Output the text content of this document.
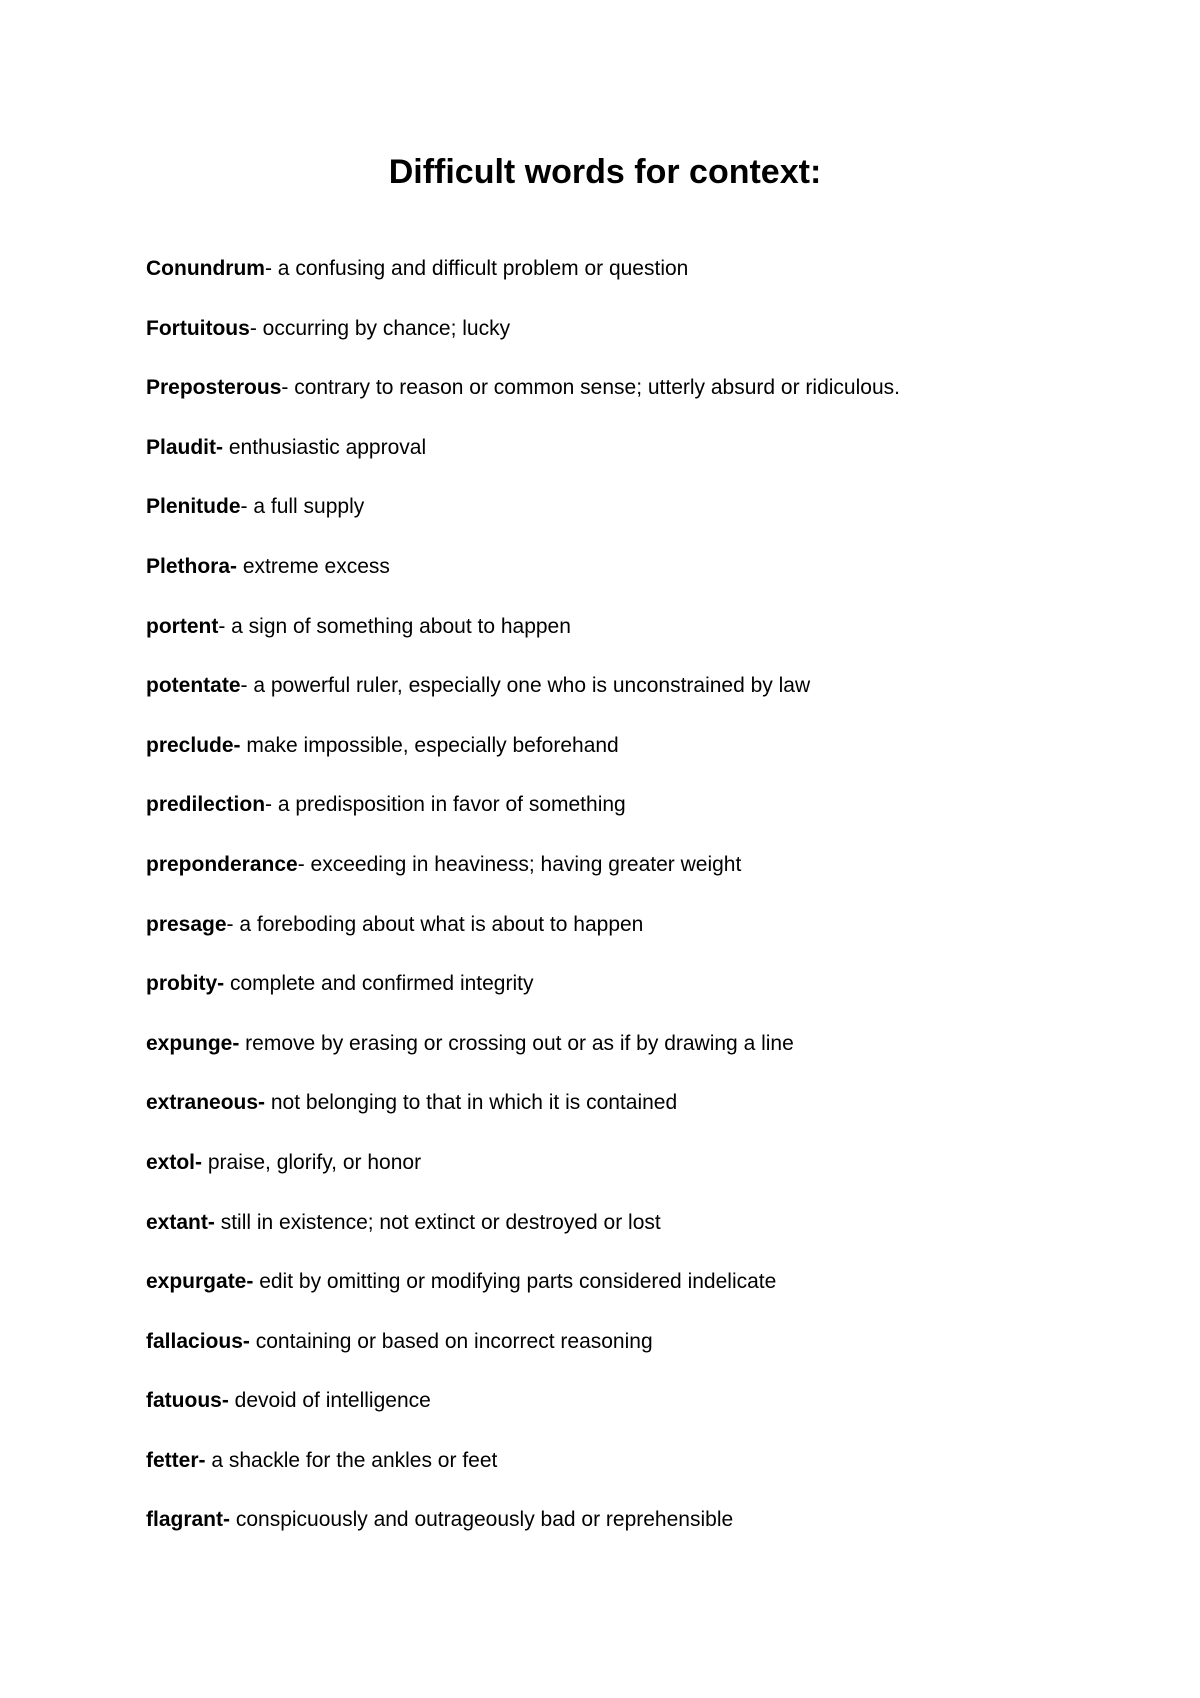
Difficult words for context:
Conundrum- a confusing and difficult problem or question
Fortuitous- occurring by chance; lucky
Preposterous- contrary to reason or common sense; utterly absurd or ridiculous.
Plaudit- enthusiastic approval
Plenitude- a full supply
Plethora- extreme excess
portent- a sign of something about to happen
potentate- a powerful ruler, especially one who is unconstrained by law
preclude- make impossible, especially beforehand
predilection- a predisposition in favor of something
preponderance- exceeding in heaviness; having greater weight
presage- a foreboding about what is about to happen
probity- complete and confirmed integrity
expunge- remove by erasing or crossing out or as if by drawing a line
extraneous- not belonging to that in which it is contained
extol- praise, glorify, or honor
extant- still in existence; not extinct or destroyed or lost
expurgate- edit by omitting or modifying parts considered indelicate
fallacious- containing or based on incorrect reasoning
fatuous- devoid of intelligence
fetter- a shackle for the ankles or feet
flagrant- conspicuously and outrageously bad or reprehensible
